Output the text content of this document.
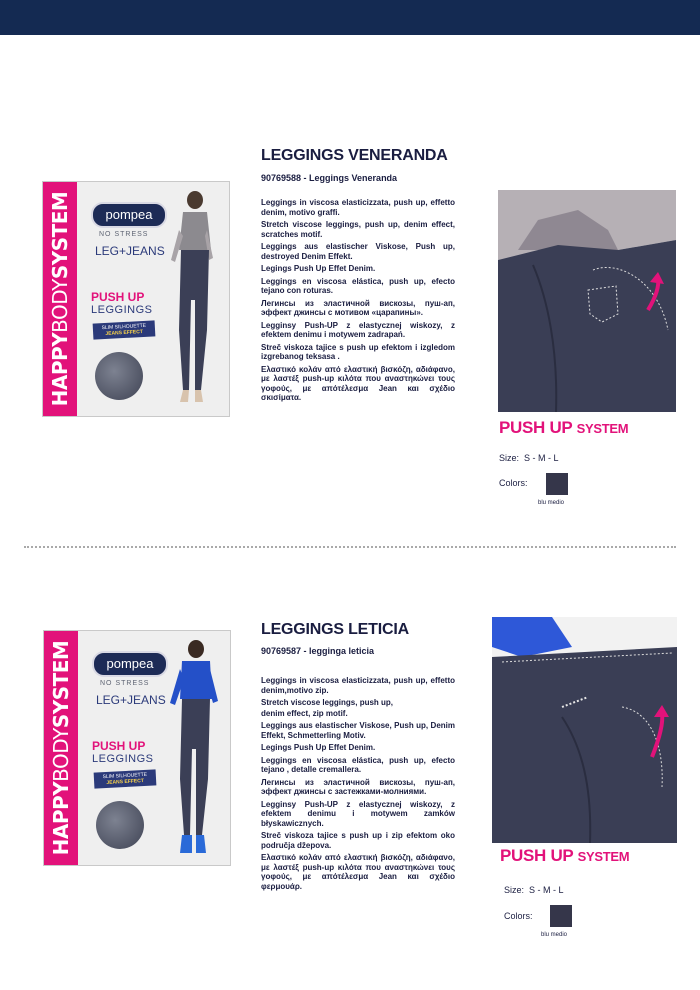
HAPPYBODYSYSTEM	pompea
NO STRESS
LEG+JEANS
PUSH UP
LEGGINGS
SLIM SILHOUETTE
JEANS EFFECT
LEGGINGS VENERANDA
90769588 - Leggings Veneranda

Leggings in viscosa elasticizzata, push up, effetto denim, motivo graffi.

Stretch viscose leggings, push up, denim effect, scratches motif.

Leggings aus elastischer Viskose, Push up, destroyed Denim Effekt.

Legings Push Up Effet Denim.

Leggings en viscosa elástica, push up, efecto tejano con roturas.

Легинсы из эластичной вискозы, пуш-ап, эффект джинсы с мотивом «царапины».

Legginsy Push-UP z elastycznej wiskozy, z efektem denimu i motywem zadrapań.

Streč viskoza tajice s push up efektom i izgledom izgrebanog teksasa .

Ελαστικό κολάν από ελαστική βισκόζη, αδιάφανο, με λαστέξ push-up κιλότα που αναστηκώνει τους γοφούς, με απότέλεσμα Jean και σχέδιο σκισίματα.

PUSH UP SYSTEM
Size: S - M - L
Colors:
blu medio
HAPPYBODYSYSTEM	pompea
NO STRESS
LEG+JEANS
PUSH UP
LEGGINGS
SLIM SILHOUETTE
JEANS EFFECT
LEGGINGS LETICIA
90769587 - legginga leticia

Leggings in viscosa elasticizzata, push up, effetto denim,motivo zip.

Stretch viscose leggings, push up,

denim effect, zip motif.

Leggings aus elastischer Viskose, Push up, Denim Effekt, Schmetterling Motiv.

Legings Push Up Effet Denim.

Leggings en viscosa elástica, push up, efecto tejano , detalle cremallera.

Легинсы из эластичной вискозы, пуш-ап, эффект джинсы с застежками-молниями.

Legginsy Push-UP z elastycznej wiskozy, z efektem denimu i motywem zamków błyskawicznych.

Streč viskoza tajice s push up i zip efektom oko područja džepova.

Ελαστικό κολάν από ελαστική βισκόζη, αδιάφανο, με λαστέξ push-up κιλότα που αναστηκώνει τους γοφούς, με απότέλεσμα Jean και σχέδιο φερμουάρ.

PUSH UP SYSTEM
Size: S - M - L
Colors:
blu medio
